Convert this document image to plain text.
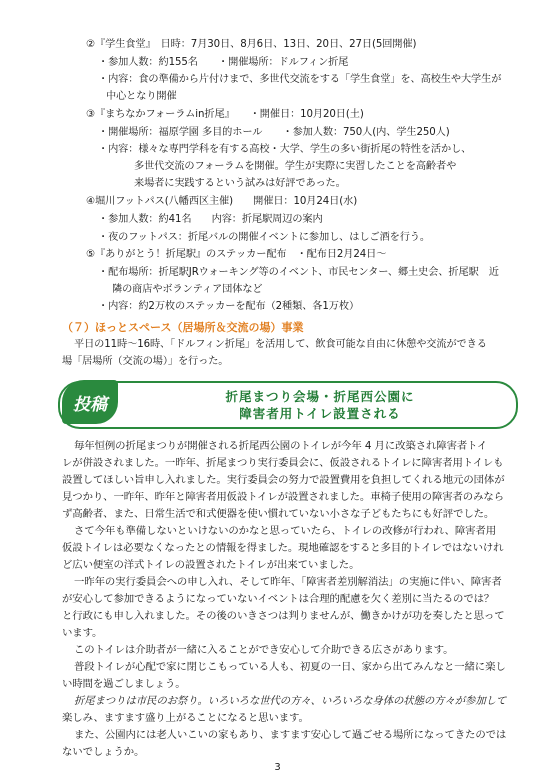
②『学生食堂』　日時：7月30日、8月6日、13日、20日、27日(5回開催)
・参加人数：約155名　　・開催場所：ドルフィン折尾
・内容：食の準備から片付けまで、多世代交流をする「学生食堂」を、高校生や大学生が
中心となり開催
③『まちなかフォーラムin折尾』　　・開催日：10月20日(土)
・開催場所：福原学園 多目的ホール　　・参加人数：750人(内、学生250人)
・内容：様々な専門学科を有する高校・大学、学生の多い街折尾の特性を活かし、
多世代交流のフォーラムを開催。学生が実際に実習したことを高齢者や
来場者に実践するという試みは好評であった。
④堀川フットパス(八幡西区主催)　　開催日：10月24日(水)
・参加人数：約41名　　内容：折尾駅周辺の案内
・夜のフットパス：折尾バルの開催イベントに参加し、はしご酒を行う。
⑤『ありがとう！折尾駅』のステッカー配布　・配布日2月24日～
・配布場所：折尾駅JRウォーキング等のイベント、市民センター、郷土史会、折尾駅　近
隣の商店やボランティア団体など
・内容：約2万枚のステッカーを配布（2種類、各1万枚）
（７）ほっとスペース（居場所＆交流の場）事業
平日の11時～16時、「ドルフィン折尾」を活用して、飲食可能な自由に休憩や交流ができる
場「居場所（交流の場）」を行った。
投稿	折尾まつり会場・折尾西公園に
障害者用トイレ設置される
毎年恒例の折尾まつりが開催される折尾西公園のトイレが今年 4 月に改築され障害者トイ
レが併設されました。一昨年、折尾まつり実行委員会に、仮設されるトイレに障害者用トイレも
設置してほしい旨申し入れました。実行委員会の努力で設置費用を負担してくれる地元の団体が
見つかり、一昨年、昨年と障害者用仮設トイレが設置されました。車椅子使用の障害者のみなら
ず高齢者、また、日常生活で和式便器を使い慣れていない小さな子どもたちにも好評でした。
さて今年も準備しないといけないのかなと思っていたら、トイレの改修が行われ、障害者用
仮設トイレは必要なくなったとの情報を得ました。現地確認をすると多目的トイレではないけれ
ど広い便室の洋式トイレの設置されたトイレが出来ていました。
一昨年の実行委員会への申し入れ、そして昨年、「障害者差別解消法」の実施に伴い、障害者
が安心して参加できるようになっていないイベントは合理的配慮を欠く差別に当たるのでは？
と行政にも申し入れました。その後のいきさつは判りませんが、働きかけが功を奏したと思って
います。
このトイレは介助者が一緒に入ることができ安心して介助できる広さがあります。
普段トイレが心配で家に閉じこもっている人も、初夏の一日、家から出てみんなと一緒に楽し
い時間を過ごしましょう。
折尾まつりは市民のお祭り。いろいろな世代の方々、いろいろな身体の状態の方々が参加して
楽しみ、ますます盛り上がることになると思います。
また、公園内には老人いこいの家もあり、ますます安心して過ごせる場所になってきたのでは
ないでしょうか。
3
